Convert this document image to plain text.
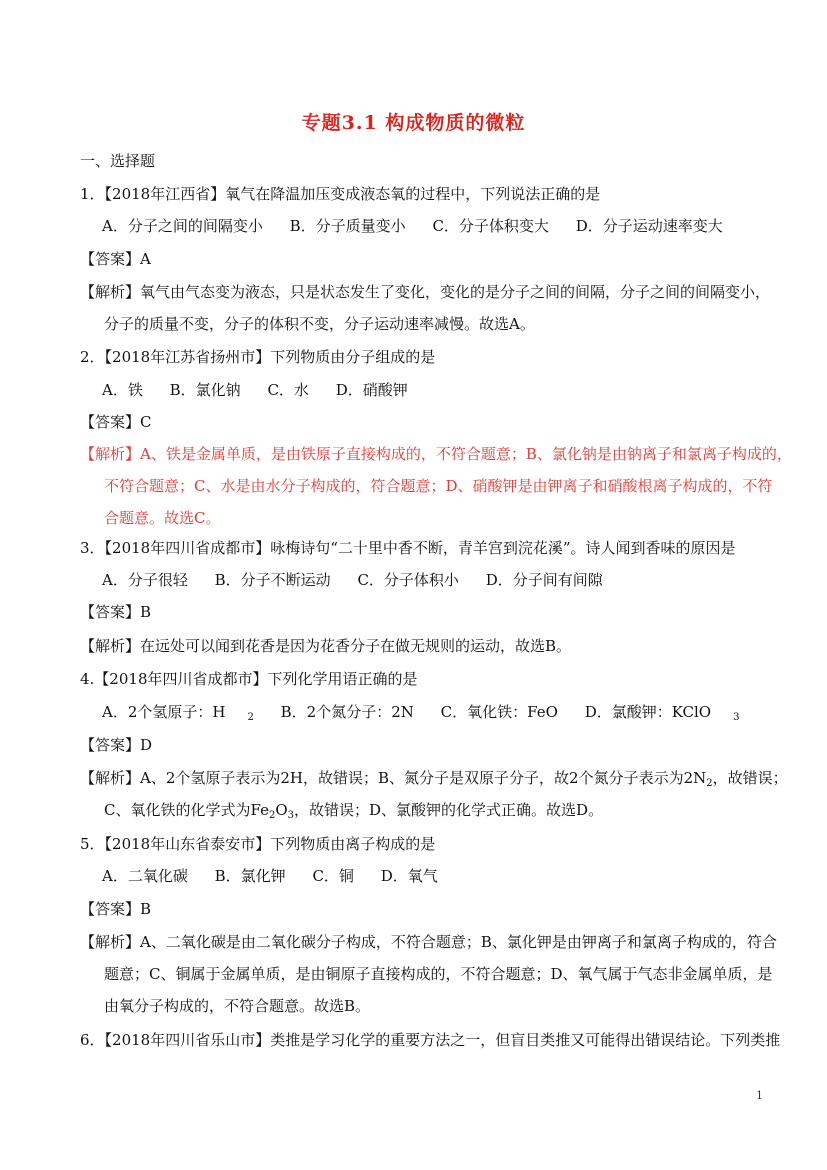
专题3.1 构成物质的微粒
一、选择题
1．【2018年江西省】氧气在降温加压变成液态氧的过程中，下列说法正确的是
A．分子之间的间隔变小 B．分子质量变小 C．分子体积变大 D．分子运动速率变大
【答案】A
【解析】氧气由气态变为液态，只是状态发生了变化，变化的是分子之间的间隔，分子之间的间隔变小，
分子的质量不变，分子的体积不变，分子运动速率减慢。故选A。
2．【2018年江苏省扬州市】下列物质由分子组成的是
A．铁 B．氯化钠 C．水 D．硝酸钾
【答案】C
【解析】A、铁是金属单质，是由铁原子直接构成的，不符合题意；B、氯化钠是由钠离子和氯离子构成的，
不符合题意；C、水是由水分子构成的，符合题意；D、硝酸钾是由钾离子和硝酸根离子构成的，不符
合题意。故选C。
3．【2018年四川省成都市】咏梅诗句“二十里中香不断，青羊宫到浣花溪”。诗人闻到香味的原因是
A．分子很轻 B．分子不断运动 C．分子体积小 D．分子间有间隙
【答案】B
【解析】在远处可以闻到花香是因为花香分子在做无规则的运动，故选B。
4.【2018年四川省成都市】下列化学用语正确的是
A．2个氢原子：H $_2$ B．2个氮分子：2N C．氧化铁：FeO D．氯酸钾：KClO $_3$
【答案】D
【解析】A、2个氢原子表示为2H，故错误；B、氮分子是双原子分子，故2个氮分子表示为$2N_2$，故错误；
C、氧化铁的化学式为$Fe_2O_3$，故错误；D、氯酸钾的化学式正确。故选D。
5．【2018年山东省泰安市】下列物质由离子构成的是
A．二氧化碳 B．氯化钾 C．铜 D．氧气
【答案】B
【解析】A、二氧化碳是由二氧化碳分子构成，不符合题意；B、氯化钾是由钾离子和氯离子构成的，符合
题意；C、铜属于金属单质，是由铜原子直接构成的，不符合题意；D、氧气属于气态非金属单质，是
由氧分子构成的，不符合题意。故选B。
6．【2018年四川省乐山市】类推是学习化学的重要方法之一，但盲目类推又可能得出错误结论。下列类推
1
